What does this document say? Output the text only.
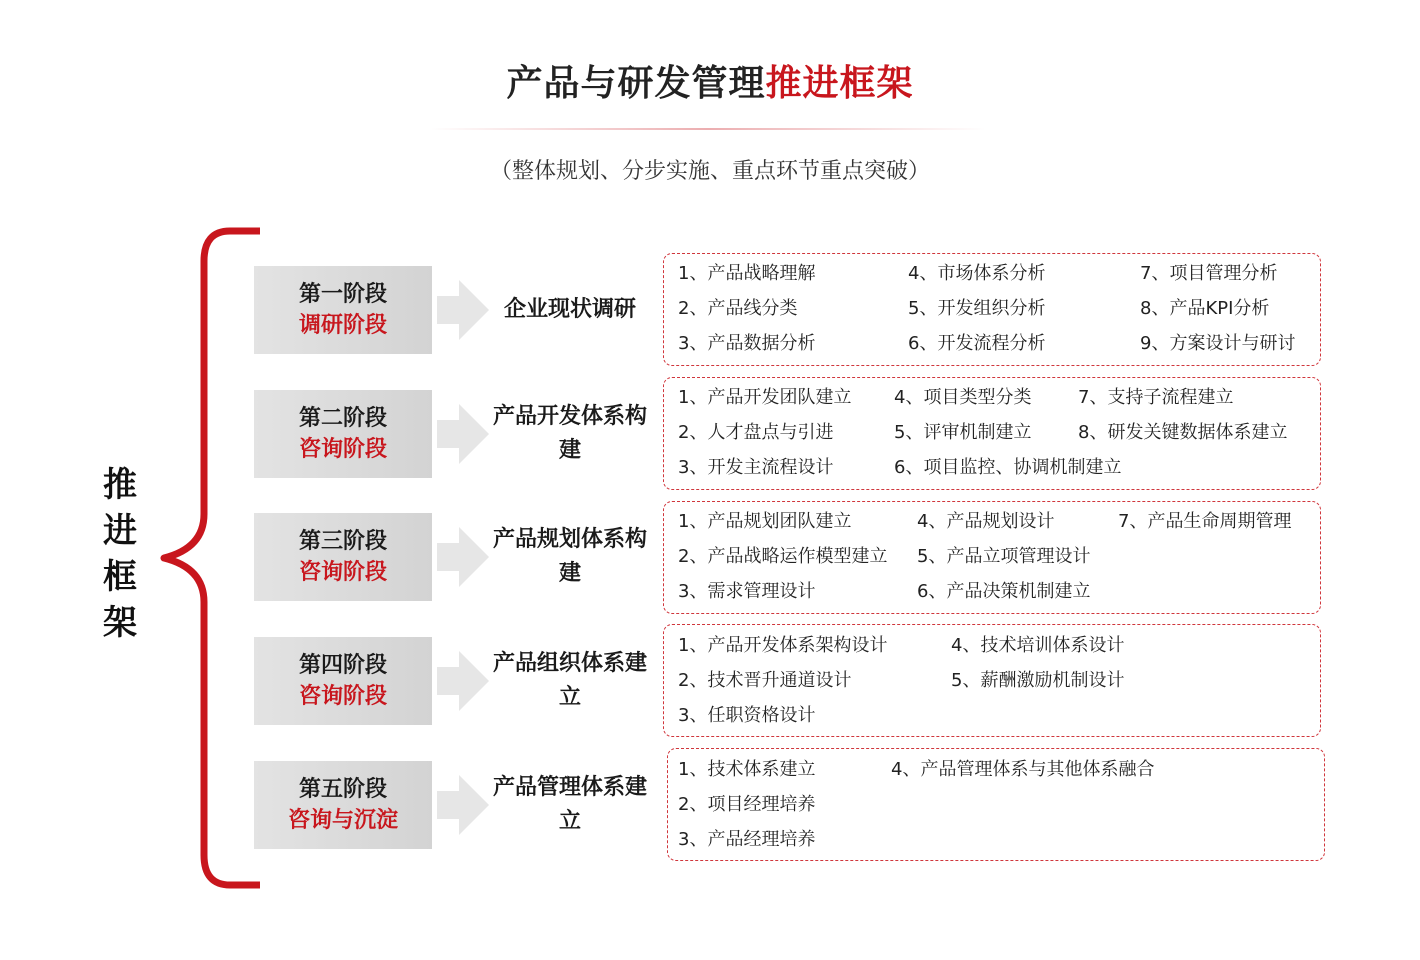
产品与研发管理推进框架
（整体规划、分步实施、重点环节重点突破）
推进框架
第一阶段
调研阶段
企业现状调研
1、产品战略理解	4、市场体系分析	7、项目管理分析
2、产品线分类	5、开发组织分析	8、产品KPI分析
3、产品数据分析	6、开发流程分析	9、方案设计与研讨
第二阶段
咨询阶段
产品开发体系构建
1、产品开发团队建立 4、项目类型分类	7、支持子流程建立
2、人才盘点与引进	5、评审机制建立	8、研发关键数据体系建立
3、开发主流程设计	6、项目监控、协调机制建立
第三阶段
咨询阶段
产品规划体系构建
1、产品规划团队建立	4、产品规划设计	7、产品生命周期管理
2、产品战略运作模型建立 5、产品立项管理设计
3、需求管理设计	6、产品决策机制建立
第四阶段
咨询阶段
产品组织体系建立
1、产品开发体系架构设计	4、技术培训体系设计
2、技术晋升通道设计	5、薪酬激励机制设计
3、任职资格设计
第五阶段
咨询与沉淀
产品管理体系建立
1、技术体系建立	4、产品管理体系与其他体系融合
2、项目经理培养
3、产品经理培养
